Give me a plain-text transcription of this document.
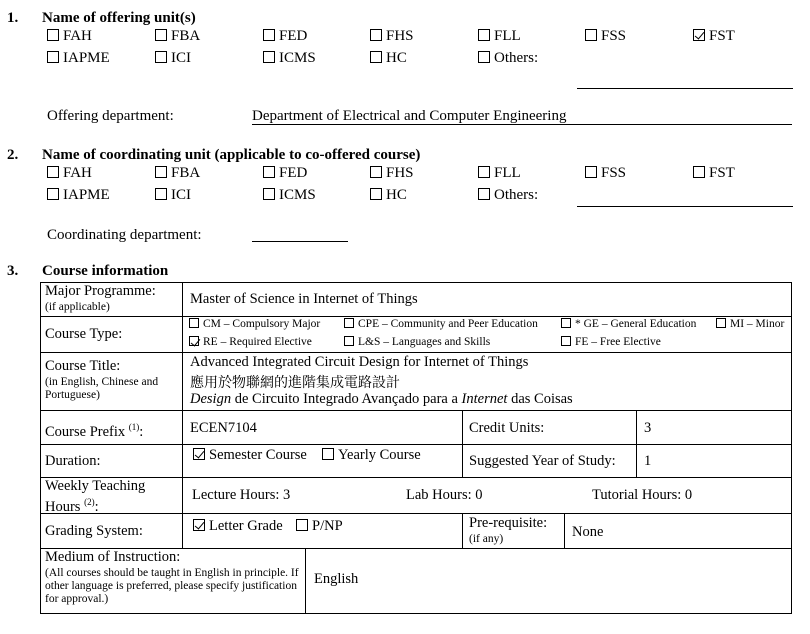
1. Name of offering unit(s)
FAH	FBA	FED	FHS	FLL	FSS	FST
IAPME	ICI	ICMS	HC	Others:
Offering department:	Department of Electrical and Computer Engineering
2. Name of coordinating unit (applicable to co-offered course)
FAH	FBA	FED	FHS	FLL	FSS	FST
IAPME	ICI	ICMS	HC	Others:
Coordinating department:
3. Course information
Major Programme:
(if applicable)	Master of Science in Internet of Things
Course Type:
CM – Compulsory Major	CPE – Community and Peer Education	* GE – General Education	MI – Minor
RE – Required Elective	L&S – Languages and Skills	FE – Free Elective
Course Title:
(in English, Chinese and Portuguese)
Advanced Integrated Circuit Design for Internet of Things
應用於物聯網的進階集成電路設計
Design de Circuito Integrado Avançado para a Internet das Coisas
Course Prefix $^{(1)}$:	ECEN7104	Credit Units:	3
Duration:	Semester Course	Yearly Course	Suggested Year of Study: 1
Weekly Teaching
Hours $^{(2)}$:
Lecture Hours: 3	Lab Hours: 0	Tutorial Hours: 0
Grading System:	Letter Grade	P/NP	Pre-requisite:
(if any)	None
Medium of Instruction:
(All courses should be taught in English in principle. If other language is preferred, please specify justification for approval.)
English
